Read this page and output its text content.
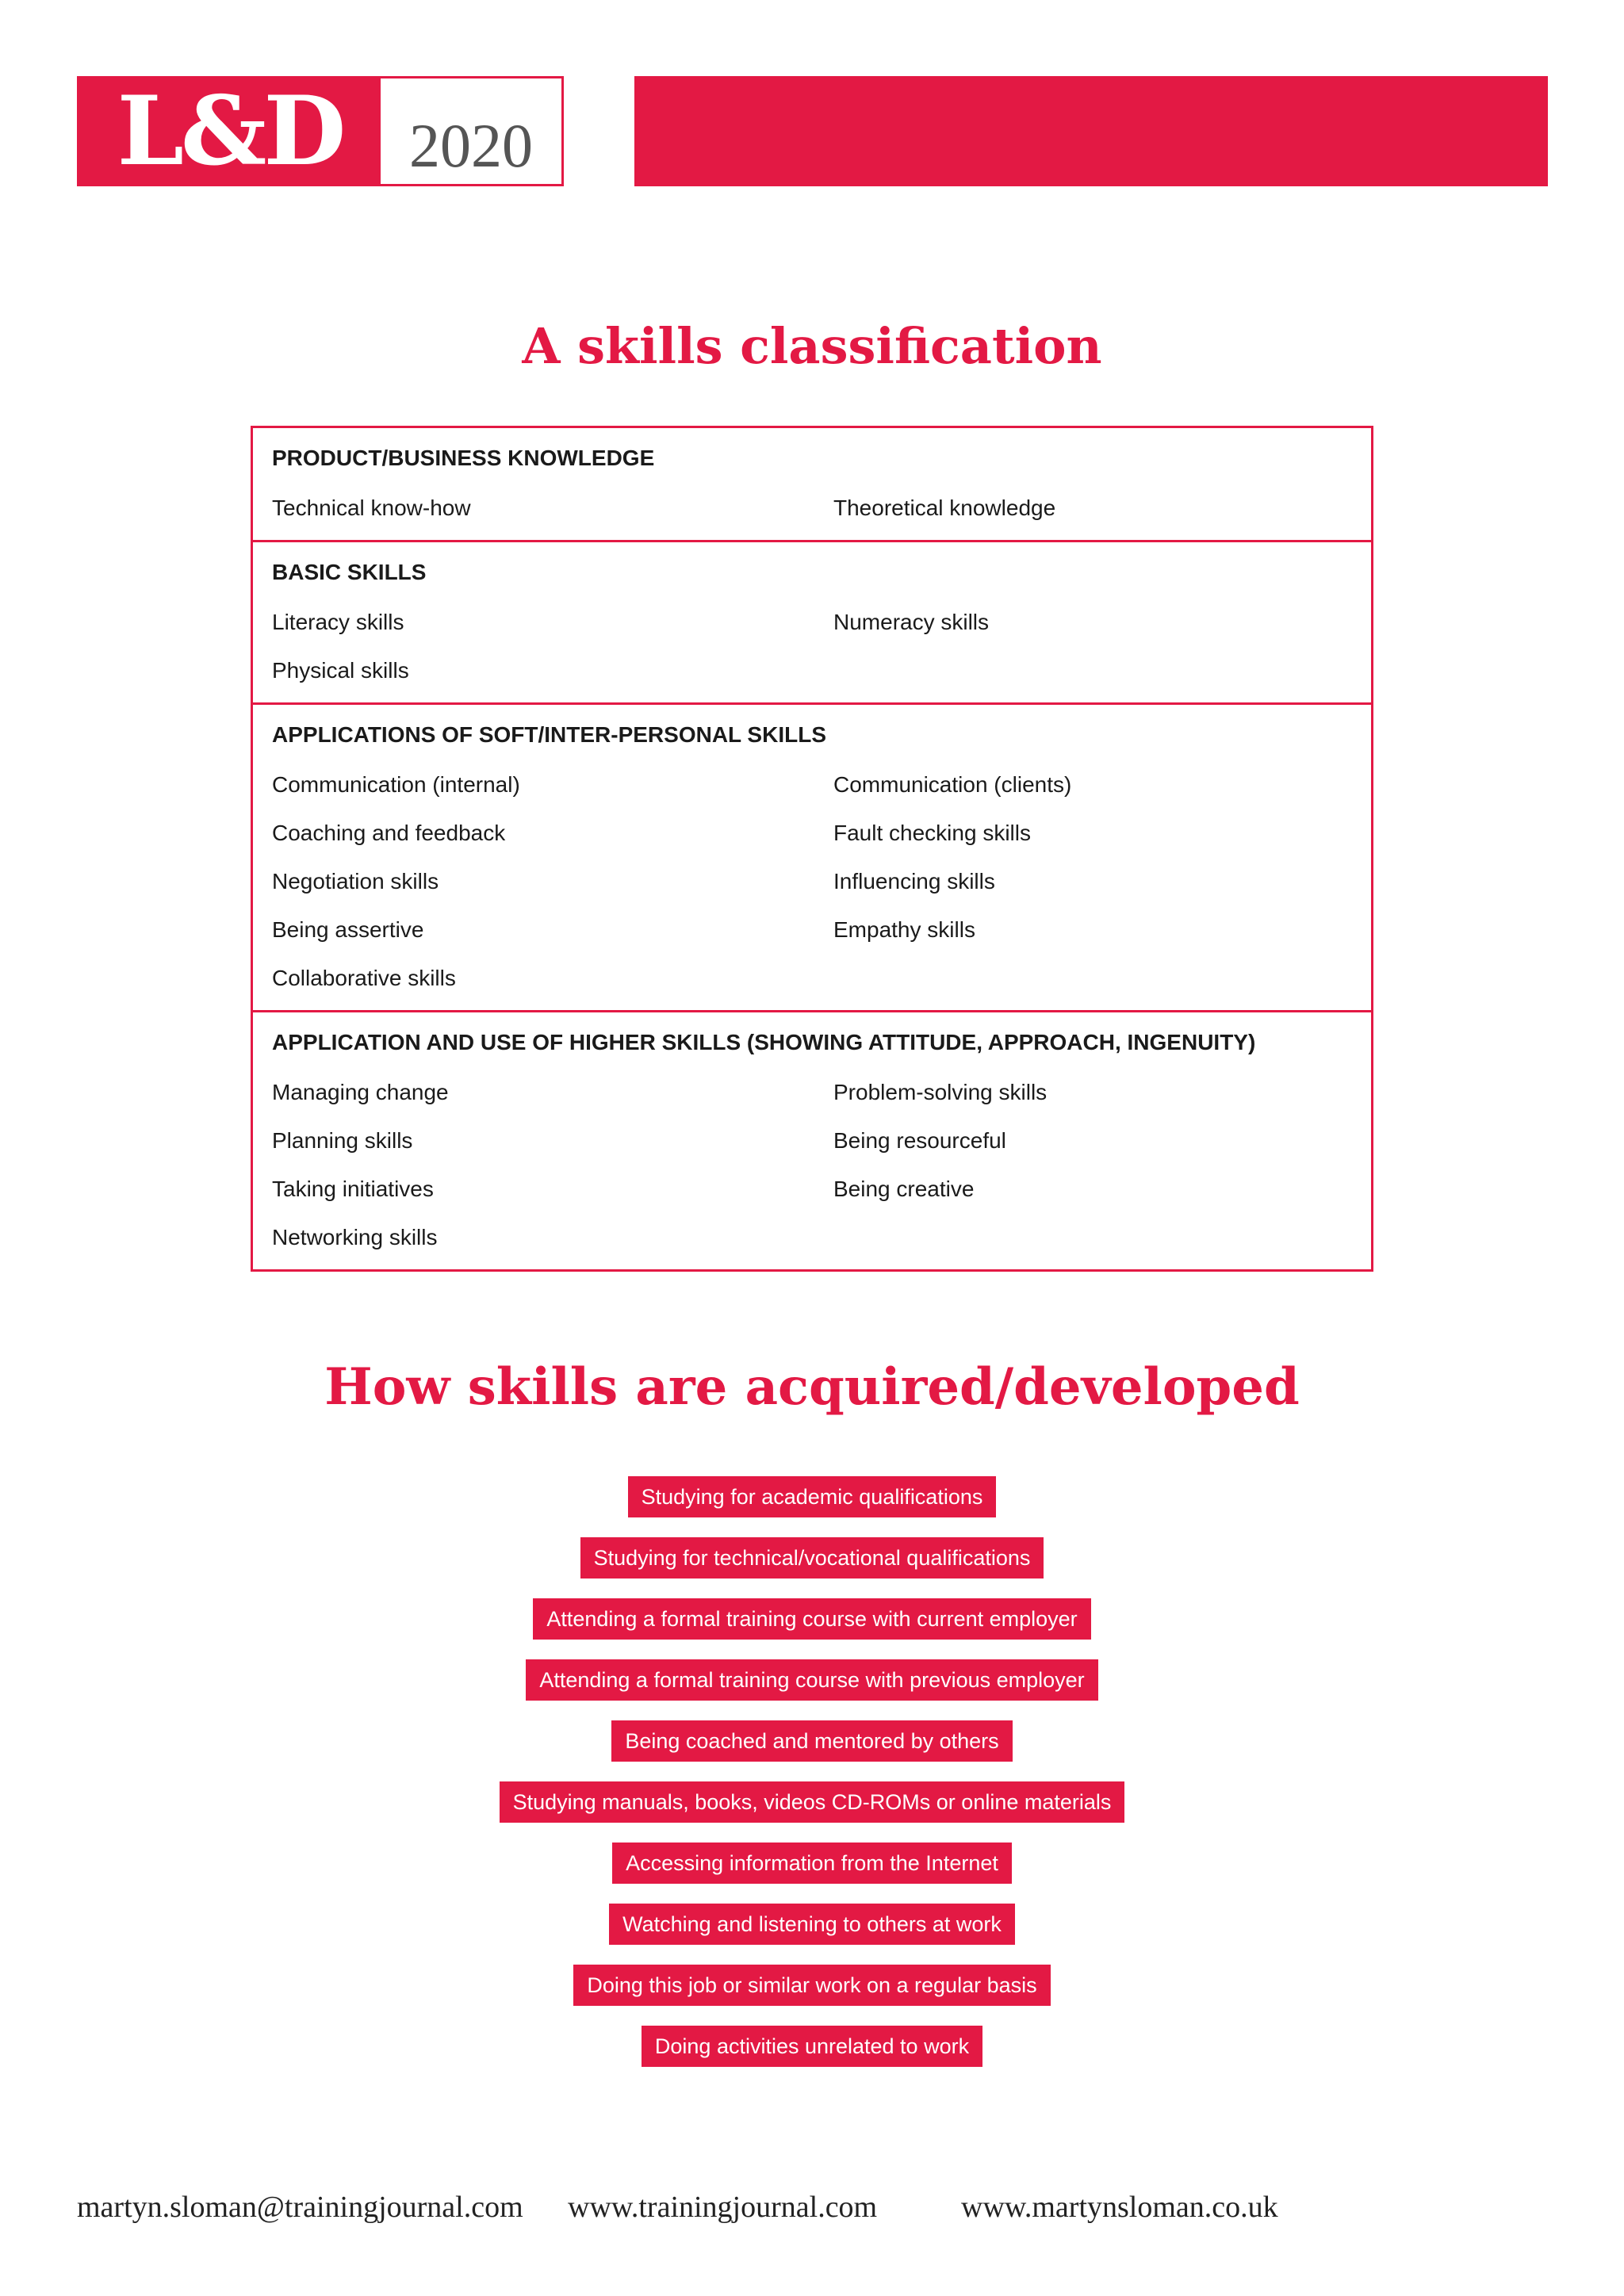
L&D	2020
A skills classification
PRODUCT/BUSINESS KNOWLEDGE
Technical know-how	Theoretical knowledge
BASIC SKILLS
Literacy skills	Numeracy skills
Physical skills
APPLICATIONS OF SOFT/INTER-PERSONAL SKILLS
Communication (internal)	Communication (clients)
Coaching and feedback	Fault checking skills
Negotiation skills	Influencing skills
Being assertive	Empathy skills
Collaborative skills
APPLICATION AND USE OF HIGHER SKILLS (SHOWING ATTITUDE, APPROACH, INGENUITY)
Managing change	Problem-solving skills
Planning skills	Being resourceful
Taking initiatives	Being creative
Networking skills
How skills are acquired/developed
Studying for academic qualifications
Studying for technical/vocational qualifications
Attending a formal training course with current employer
Attending a formal training course with previous employer
Being coached and mentored by others
Studying manuals, books, videos CD-ROMs or online materials
Accessing information from the Internet
Watching and listening to others at work
Doing this job or similar work on a regular basis
Doing activities unrelated to work
martyn.sloman@trainingjournal.com www.trainingjournal.com	www.martynsloman.co.uk
